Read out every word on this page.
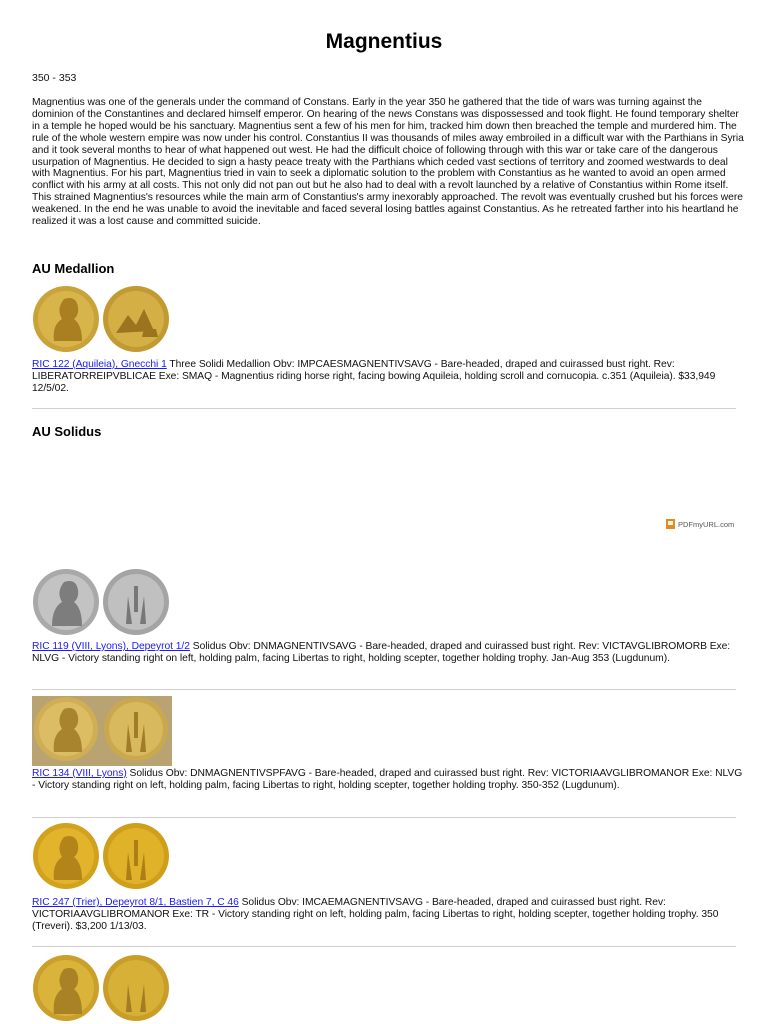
Magnentius
350 - 353

Magnentius was one of the generals under the command of Constans. Early in the year 350 he gathered that the tide of wars was turning against the dominion of the Constantines and declared himself emperor. On hearing of the news Constans was dispossessed and took flight. He found temporary shelter in a temple he hoped would be his sanctuary. Magnentius sent a few of his men for him, tracked him down then breached the temple and murdered him. The rule of the whole western empire was now under his control. Constantius II was thousands of miles away embroiled in a difficult war with the Parthians in Syria and it took several months to hear of what happened out west. He had the difficult choice of following through with this war or take care of the dangerous usurpation of Magnentius. He decided to sign a hasty peace treaty with the Parthians which ceded vast sections of territory and zoomed westwards to deal with Magnentius. For his part, Magnentius tried in vain to seek a diplomatic solution to the problem with Constantius as he wanted to avoid an open armed conflict with his army at all costs. This not only did not pan out but he also had to deal with a revolt launched by a relative of Constantius within Rome itself. This strained Magnentius's resources while the main arm of Constantius's army inexorably approached. The revolt was eventually crushed but his forces were weakened. In the end he was unable to avoid the inevitable and faced several losing battles against Constantius. As he retreated farther into his heartland he realized it was a lost cause and committed suicide.

AU Medallion

RIC 122 (Aquileia), Gnecchi 1 Three Solidi Medallion Obv: IMPCAESMAGNENTIVSAVG - Bare-headed, draped and cuirassed bust right. Rev: LIBERATORREIPVBLICAE Exe: SMAQ - Magnentius riding horse right, facing bowing Aquileia, holding scroll and cornucopia. c.351 (Aquileia). $33,949 12/5/02.

AU Solidus
PDFmyURL.com

RIC 119 (VIII, Lyons), Depeyrot 1/2 Solidus Obv: DNMAGNENTIVSAVG - Bare-headed, draped and cuirassed bust right. Rev: VICTAVGLIBROMORB Exe: NLVG - Victory standing right on left, holding palm, facing Libertas to right, holding scepter, together holding trophy. Jan-Aug 353 (Lugdunum).

RIC 134 (VIII, Lyons) Solidus Obv: DNMAGNENTIVSPFAVG - Bare-headed, draped and cuirassed bust right. Rev: VICTORIAAVGLIBROMANOR Exe: NLVG - Victory standing right on left, holding palm, facing Libertas to right, holding scepter, together holding trophy. 350-352 (Lugdunum).

RIC 247 (Trier), Depeyrot 8/1, Bastien 7, C 46 Solidus Obv: IMCAEMAGNENTIVSAVG - Bare-headed, draped and cuirassed bust right. Rev: VICTORIAAVGLIBROMANOR Exe: TR - Victory standing right on left, holding palm, facing Libertas to right, holding scepter, together holding trophy. 350 (Treveri). $3,200 1/13/03.
